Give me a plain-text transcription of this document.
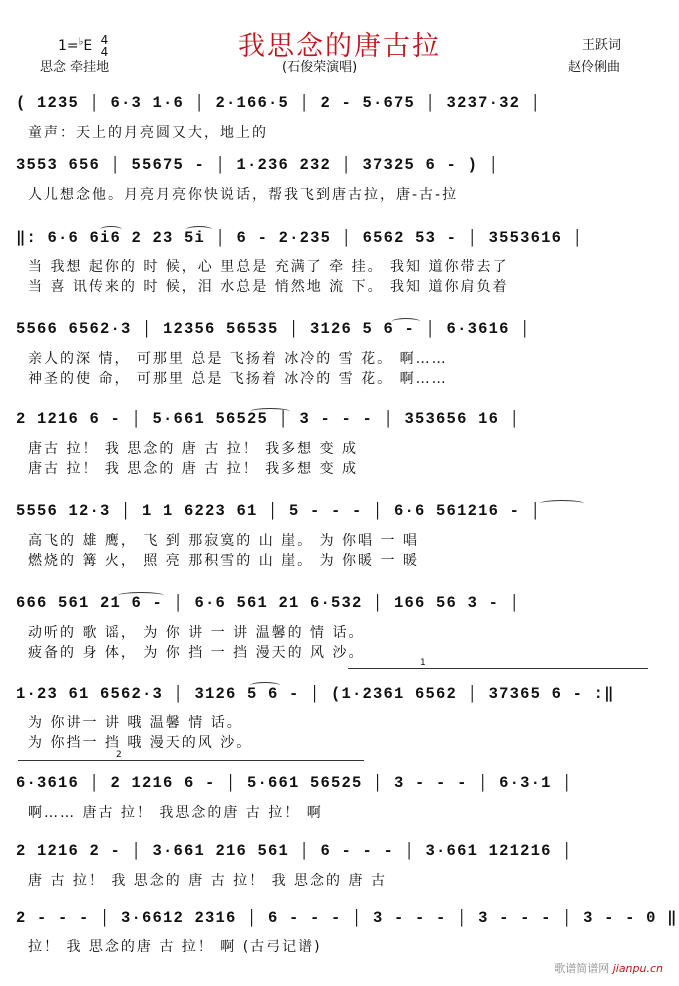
我思念的唐古拉
1=♭E 4
4
思念 牵挂地	(石俊荣演唱)
王跃词
赵伶俐曲
( 1235 │ 6·3 1·6 │ 2·166·5 │ 2 - 5·675 │ 3237·32 │
童声：天上的月亮圆又大，地上的
3553 656 │ 55675 - │ 1·236 232 │ 37325 6 - ) │
人儿想念他。月亮月亮你快说话，帮我飞到唐古拉，唐-古-拉
‖: 6·6 6i6 2 23 5i │ 6 - 2·235 │ 6562 53 - │ 3553616 │
当 我想 起你的 时 候，心 里总是 充满了 牵 挂。 我知 道你带去了
当 喜 讯传来的 时 候，泪 水总是 悄然地 流 下。 我知 道你肩负着
5566 6562·3 │ 12356 56535 │ 3126 5 6 - │ 6·3616 │
亲人的深 情， 可那里 总是 飞扬着 冰冷的 雪 花。 啊……
神圣的使 命， 可那里 总是 飞扬着 冰冷的 雪 花。 啊……
2 1216 6 - │ 5·661 56525 │ 3 - - - │ 353656 16 │
唐古 拉！ 我 思念的 唐 古 拉！ 我多想 变 成
唐古 拉！ 我 思念的 唐 古 拉！ 我多想 变 成
5556 12·3 │ 1 1 6223 61 │ 5 - - - │ 6·6 561216 - │
高飞的 雄 鹰， 飞 到 那寂寞的 山 崖。 为 你唱 一 唱
燃烧的 篝 火， 照 亮 那积雪的 山 崖。 为 你暖 一 暖
666 561 21 6 - │ 6·6 561 21 6·532 │ 166 56 3 - │
动听的 歌 谣， 为 你 讲 一 讲 温馨的 情 话。
疲备的 身 体， 为 你 挡 一 挡 漫天的 风 沙。
1
1·23 61 6562·3 │ 3126 5 6 - │ (1·2361 6562 │ 37365 6 - :‖
为 你讲一 讲 哦 温馨 情 话。
为 你挡一 挡 哦 漫天的风 沙。
2
6·3616 │ 2 1216 6 - │ 5·661 56525 │ 3 - - - │ 6·3·1 │
啊…… 唐古 拉！ 我思念的唐 古 拉！ 啊
2 1216 2 - │ 3·661 216 561 │ 6 - - - │ 3·661 121216 │
唐 古 拉！ 我 思念的 唐 古 拉！ 我 思念的 唐 古
2 - - - │ 3·6612 2316 │ 6 - - - │ 3 - - - │ 3 - - - │ 3 - - 0 ‖
拉！ 我 思念的唐 古 拉！ 啊 (古弓记谱)
歌谱简谱网 jianpu.cn
